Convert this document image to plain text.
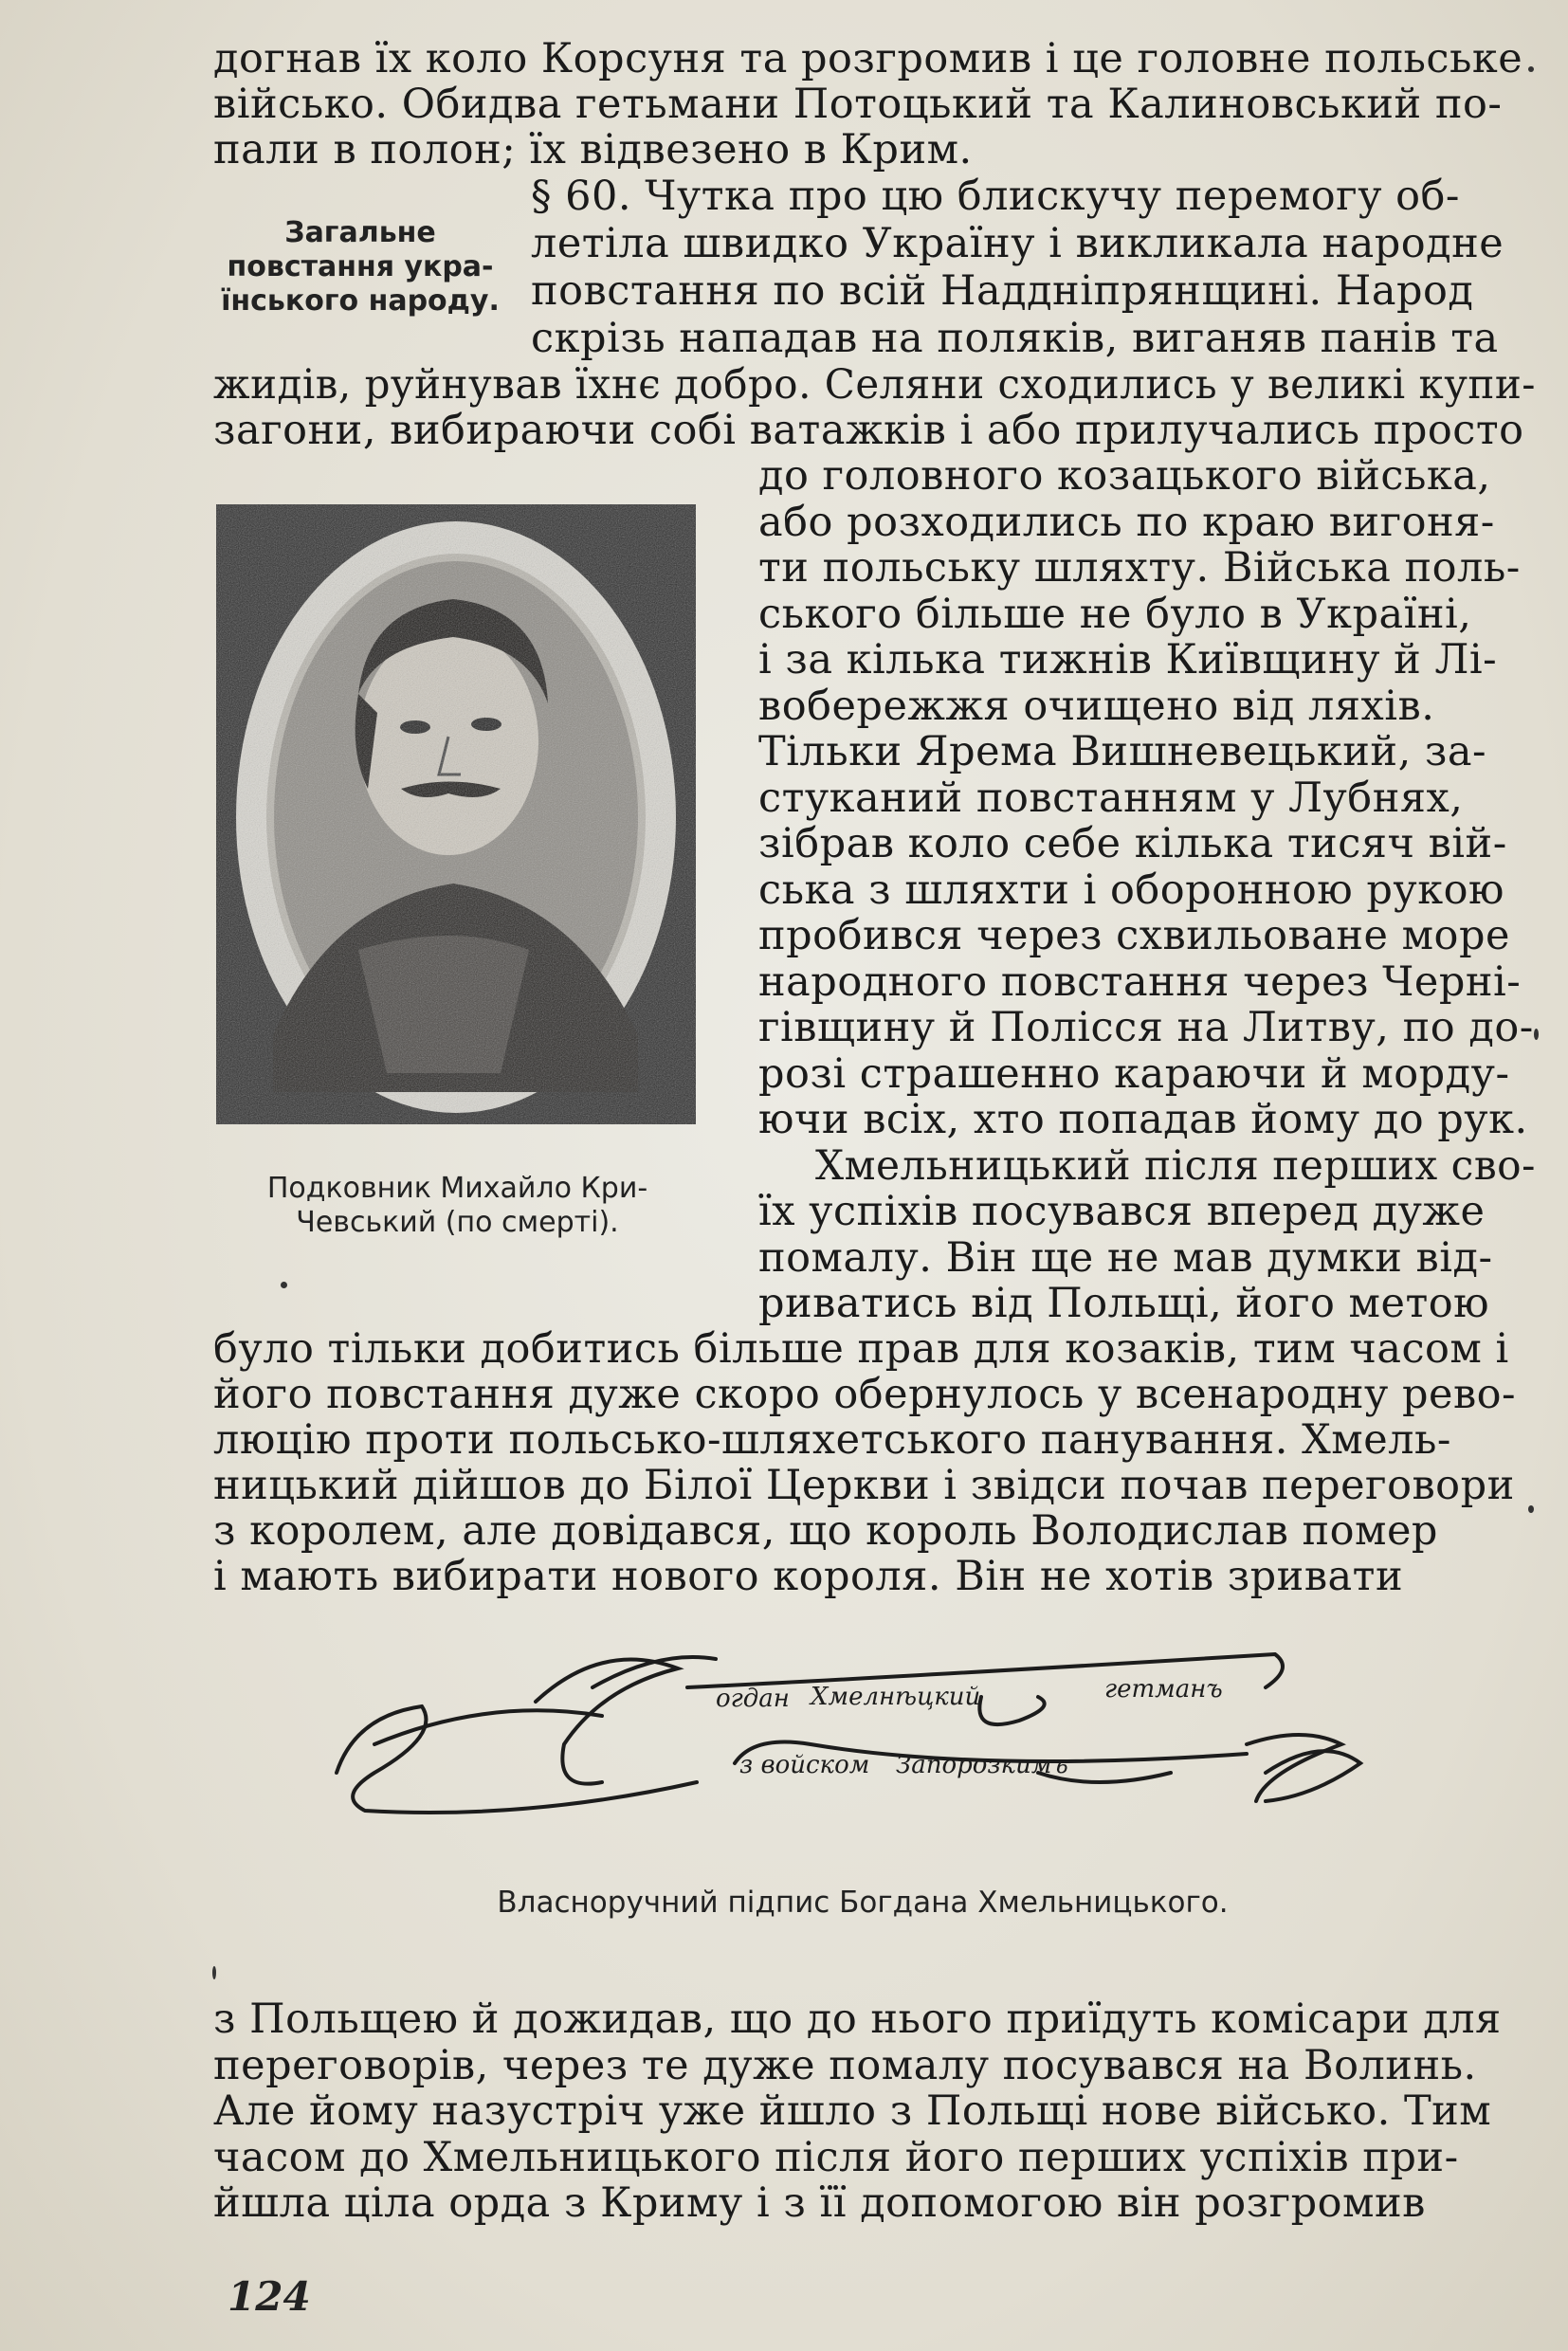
догнав їх коло Корсуня та розгромив і це головне польське

військо. Обидва гетьмани Потоцький та Калиновський по-

пали в полон; їх відвезено в Крим.

Загальне
повстання укра-
їнського народу.

§ 60. Чутка про цю блискучу перемогу об-

летіла швидко Україну і викликала народне

повстання по всій Наддніпрянщині. Народ

скрізь нападав на поляків, виганяв панів та

жидів, руйнував їхнє добро. Селяни сходились у великі купи-

загони, вибираючи собі ватажків і або прилучались просто

до головного козацького війська,

або розходились по краю вигоня-

ти польську шляхту. Війська поль-

ського більше не було в Україні,

і за кілька тижнів Київщину й Лі-

вобережжя очищено від ляхів.

Тільки Ярема Вишневецький, за-

стуканий повстанням у Лубнях,

зібрав коло себе кілька тисяч вій-

ська з шляхти і оборонною рукою

пробився через схвильоване море

народного повстання через Черні-

гівщину й Полісся на Литву, по до-

розі страшенно караючи й морду-

ючи всіх, хто попадав йому до рук.

Хмельницький після перших сво-

їх успіхів посувався вперед дуже

помалу. Він ще не мав думки від-

риватись від Польщі, його метою

Подковник Михайло Кри-
Чевський (по смерті).

було тільки добитись більше прав для козаків, тим часом і

його повстання дуже скоро обернулось у всенародну рево-

люцію проти польсько-шляхетського панування. Хмель-

ницький дійшов до Білої Церкви і звідси почав переговори

з королем, але довідався, що король Володислав помер

і мають вибирати нового короля. Він не хотів зривати

огдан Хмелнѣцкий	гетманъ
з войском Запорозкимъ

Власноручний підпис Богдана Хмельницького.

з Польщею й дожидав, що до нього приїдуть комісари для

переговорів, через те дуже помалу посувався на Волинь.

Але йому назустріч уже йшло з Польщі нове військо. Тим

часом до Хмельницького після його перших успіхів при-

йшла ціла орда з Криму і з її допомогою він розгромив

124
